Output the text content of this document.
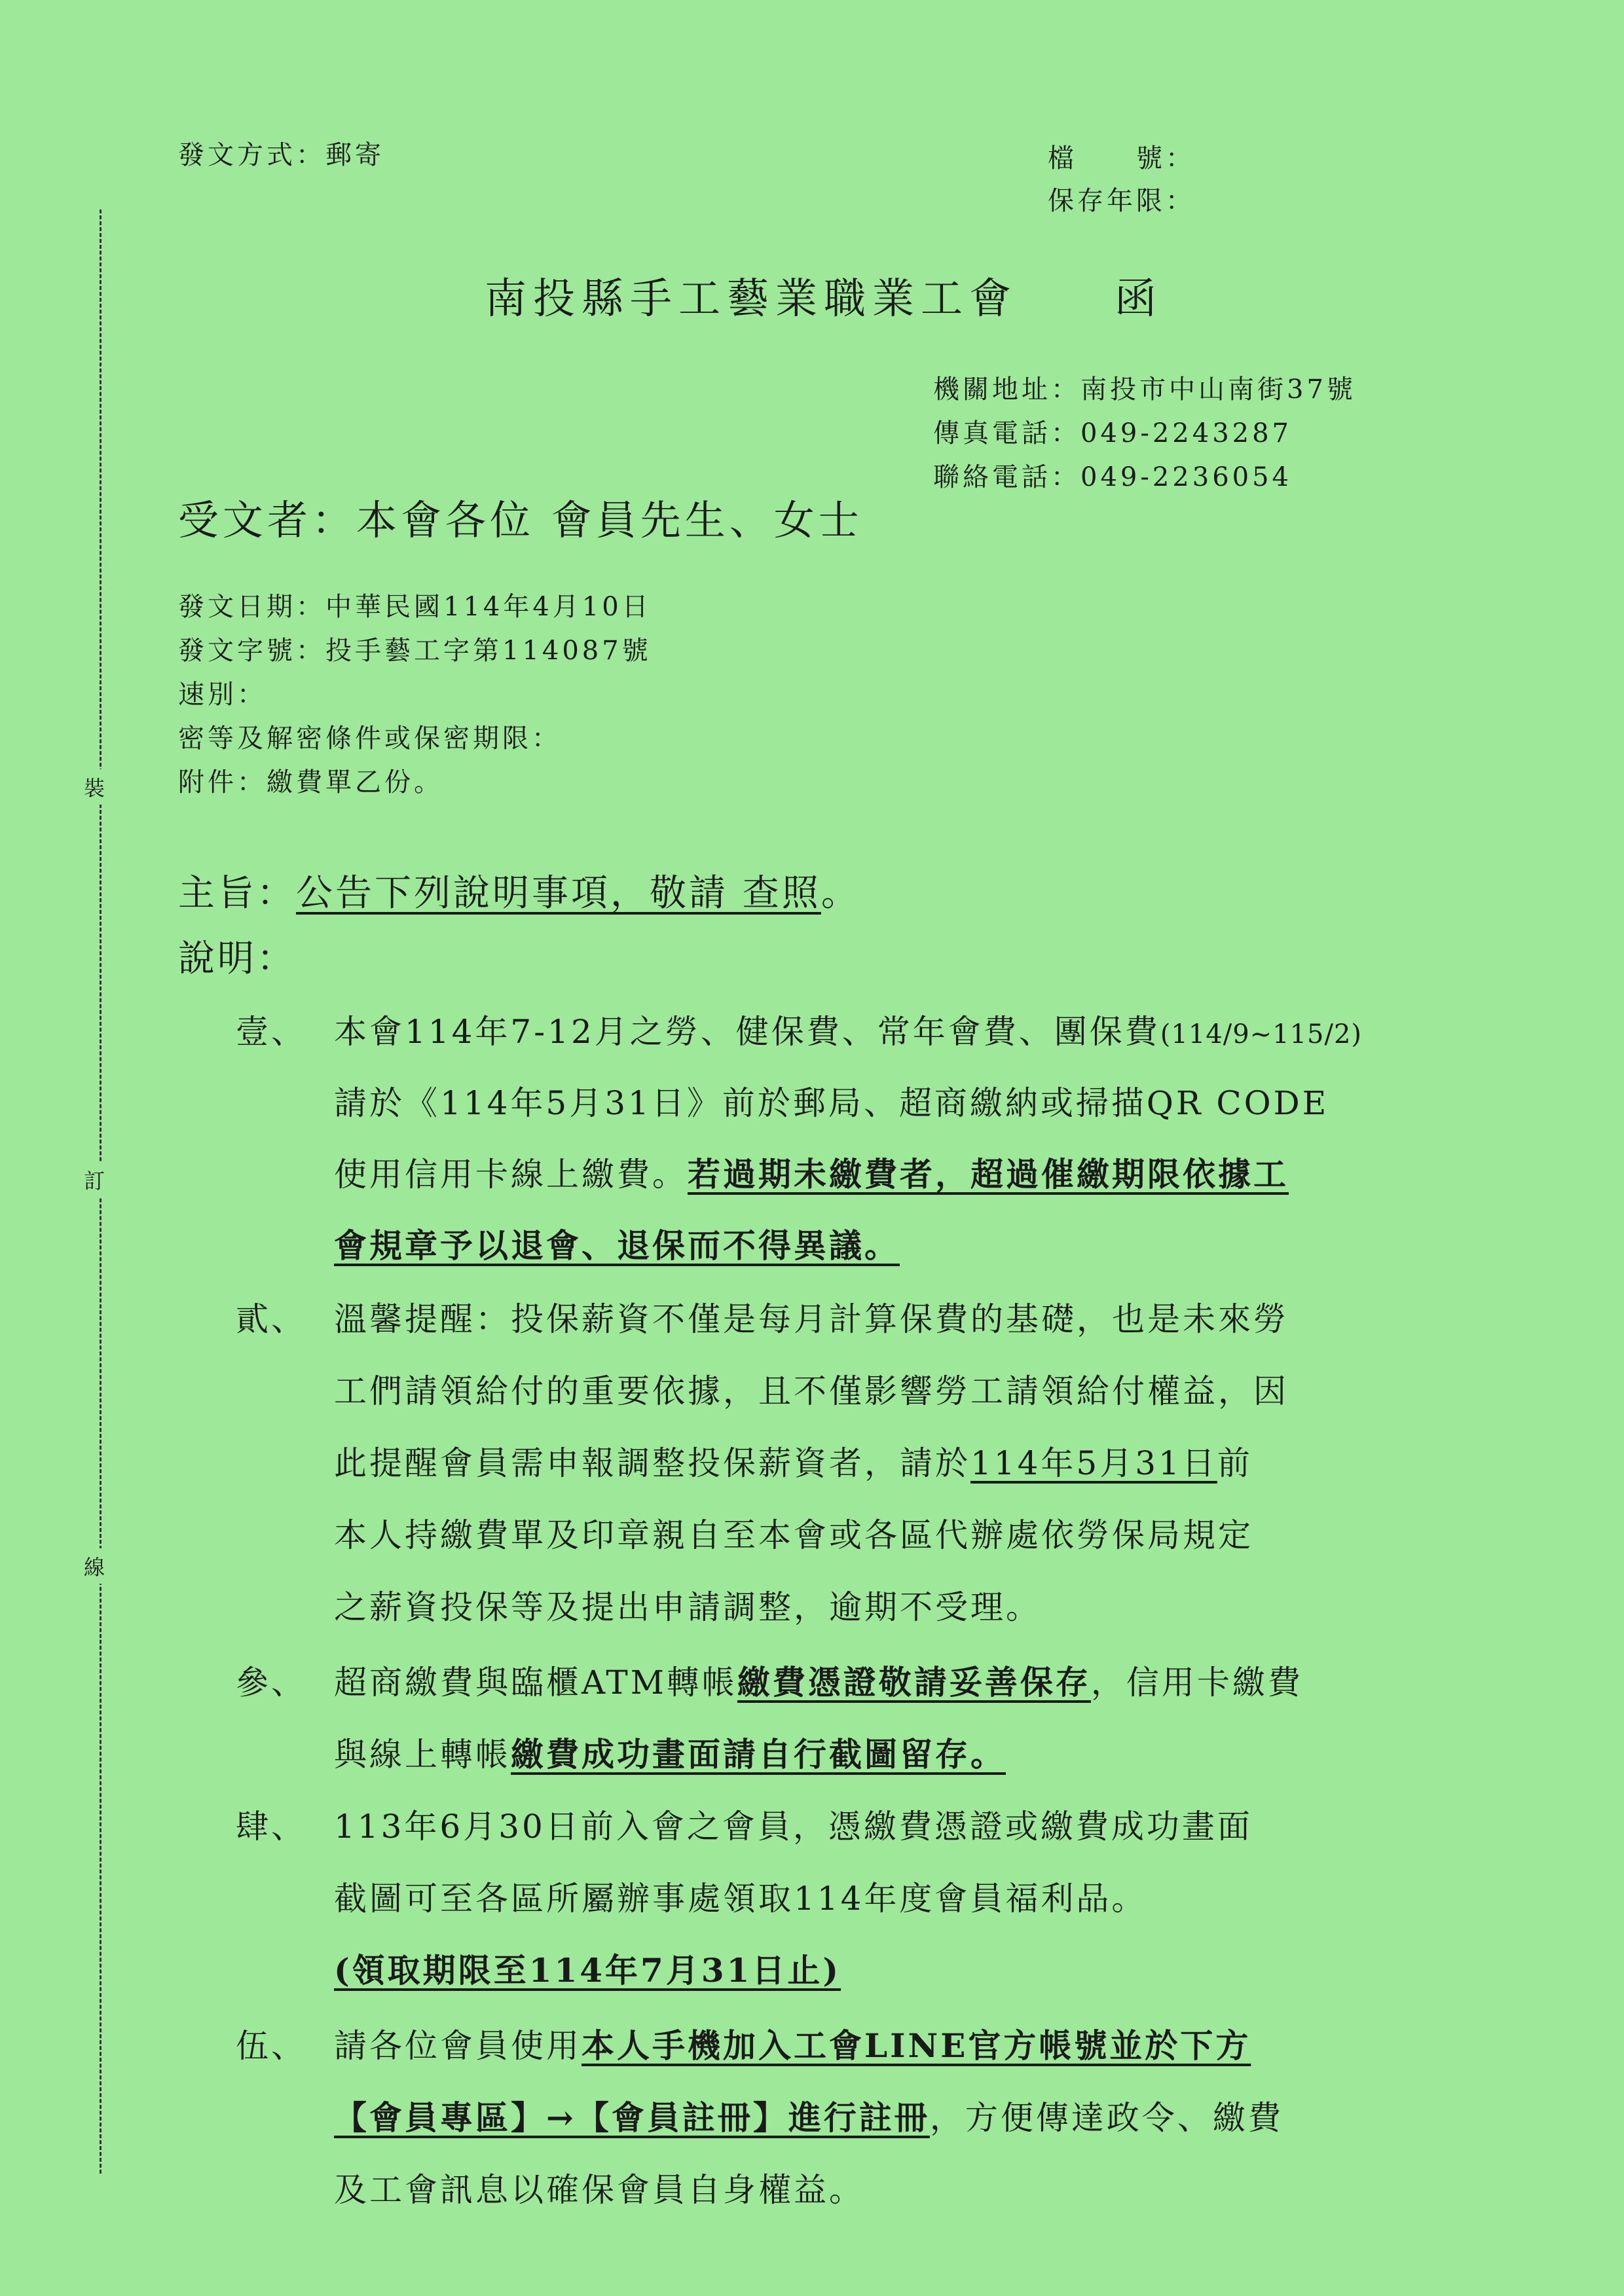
裝
訂
線
發文方式：郵寄	檔　　號：
保存年限：
南投縣手工藝業職業工會　　函
機關地址：南投市中山南街37號
傳真電話：049-2243287
聯絡電話：049-2236054
受文者：本會各位 會員先生、女士
發文日期：中華民國114年4月10日
發文字號：投手藝工字第114087號
速別：
密等及解密條件或保密期限：
附件：繳費單乙份。
主旨：公告下列說明事項，敬請 查照。
說明：
壹、 本會114年7-12月之勞、健保費、常年會費、團保費(114/9~115/2)
請於《114年5月31日》前於郵局、超商繳納或掃描QR CODE
使用信用卡線上繳費。若過期未繳費者，超過催繳期限依據工
會規章予以退會、退保而不得異議。
貳、 溫馨提醒：投保薪資不僅是每月計算保費的基礎，也是未來勞
工們請領給付的重要依據，且不僅影響勞工請領給付權益，因
此提醒會員需申報調整投保薪資者，請於114年5月31日前
本人持繳費單及印章親自至本會或各區代辦處依勞保局規定
之薪資投保等及提出申請調整，逾期不受理。
參、 超商繳費與臨櫃ATM轉帳繳費憑證敬請妥善保存，信用卡繳費
與線上轉帳繳費成功畫面請自行截圖留存。
肆、 113年6月30日前入會之會員，憑繳費憑證或繳費成功畫面
截圖可至各區所屬辦事處領取114年度會員福利品。
(領取期限至114年7月31日止)
伍、 請各位會員使用本人手機加入工會LINE官方帳號並於下方
【會員專區】→【會員註冊】進行註冊，方便傳達政令、繳費
及工會訊息以確保會員自身權益。
